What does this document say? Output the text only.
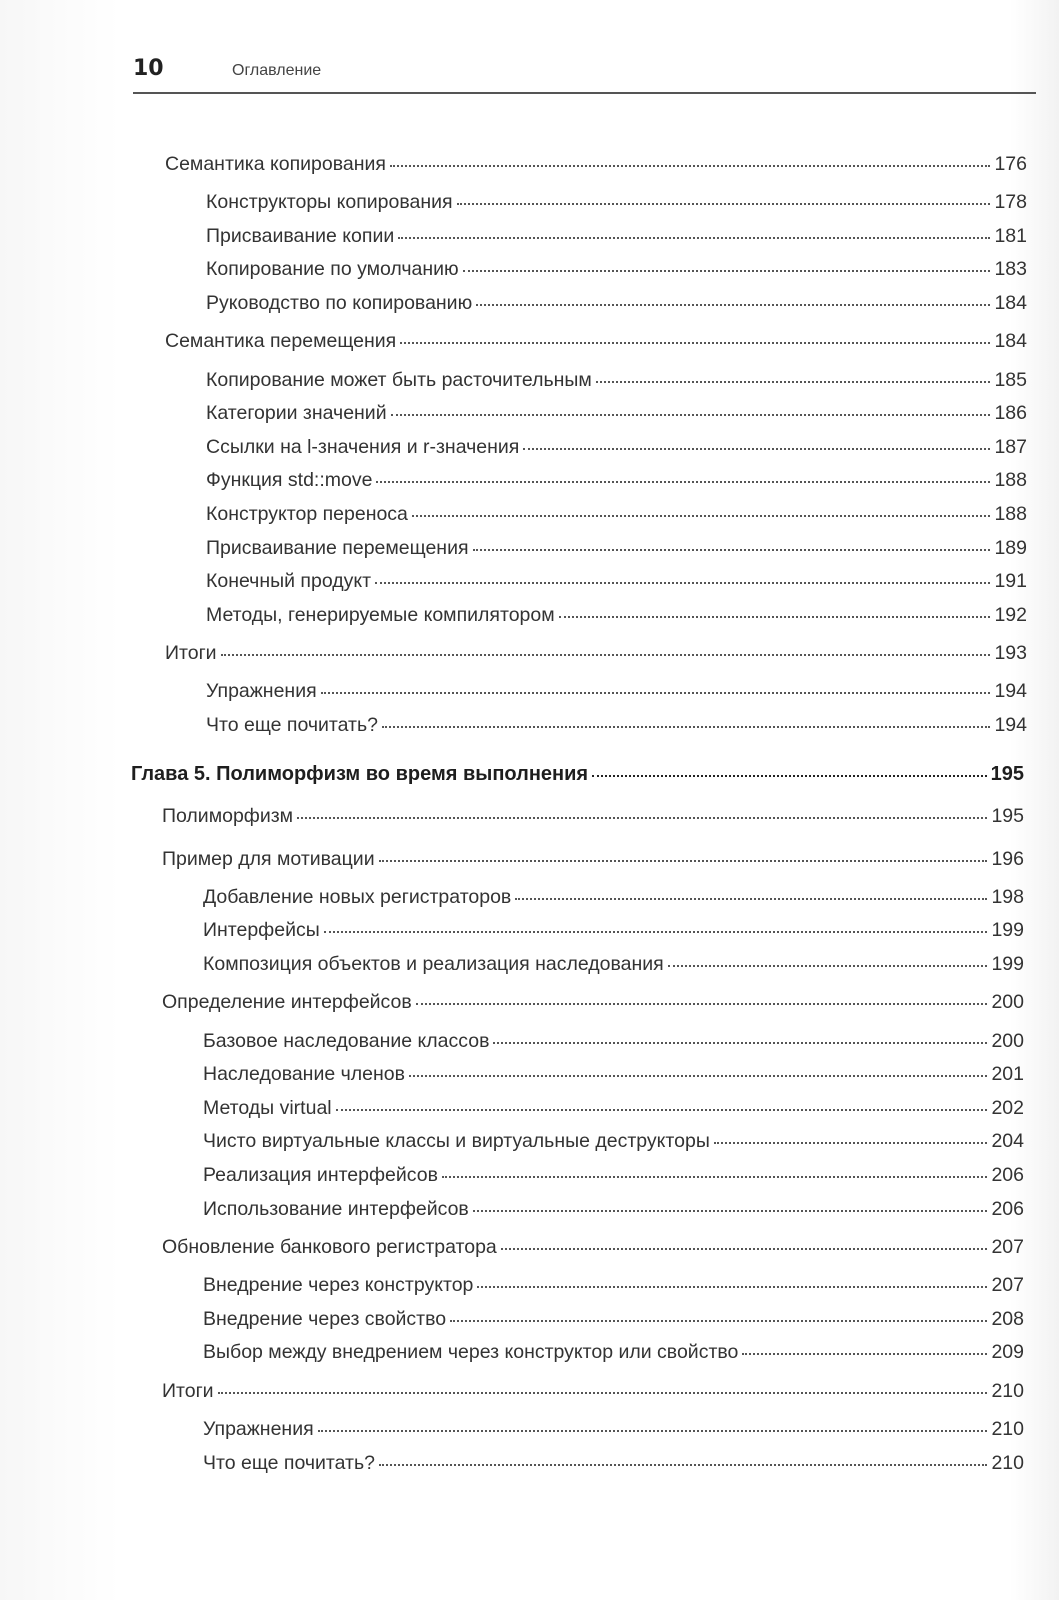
10	Оглавление
Семантика копирования	176
Конструкторы копирования	178
Присваивание копии	181
Копирование по умолчанию	183
Руководство по копированию	184
Семантика перемещения	184
Копирование может быть расточительным	185
Категории значений	186
Ссылки на l-значения и r-значения	187
Функция std::move	188
Конструктор переноса	188
Присваивание перемещения	189
Конечный продукт	191
Методы, генерируемые компилятором	192
Итоги	193
Упражнения	194
Что еще почитать?	194
Глава 5. Полиморфизм во время выполнения	195
Полиморфизм	195
Пример для мотивации	196
Добавление новых регистраторов	198
Интерфейсы	199
Композиция объектов и реализация наследования	199
Определение интерфейсов	200
Базовое наследование классов	200
Наследование членов	201
Методы virtual	202
Чисто виртуальные классы и виртуальные деструкторы	204
Реализация интерфейсов	206
Использование интерфейсов	206
Обновление банкового регистратора	207
Внедрение через конструктор	207
Внедрение через свойство	208
Выбор между внедрением через конструктор или свойство	209
Итоги	210
Упражнения	210
Что еще почитать?	210
